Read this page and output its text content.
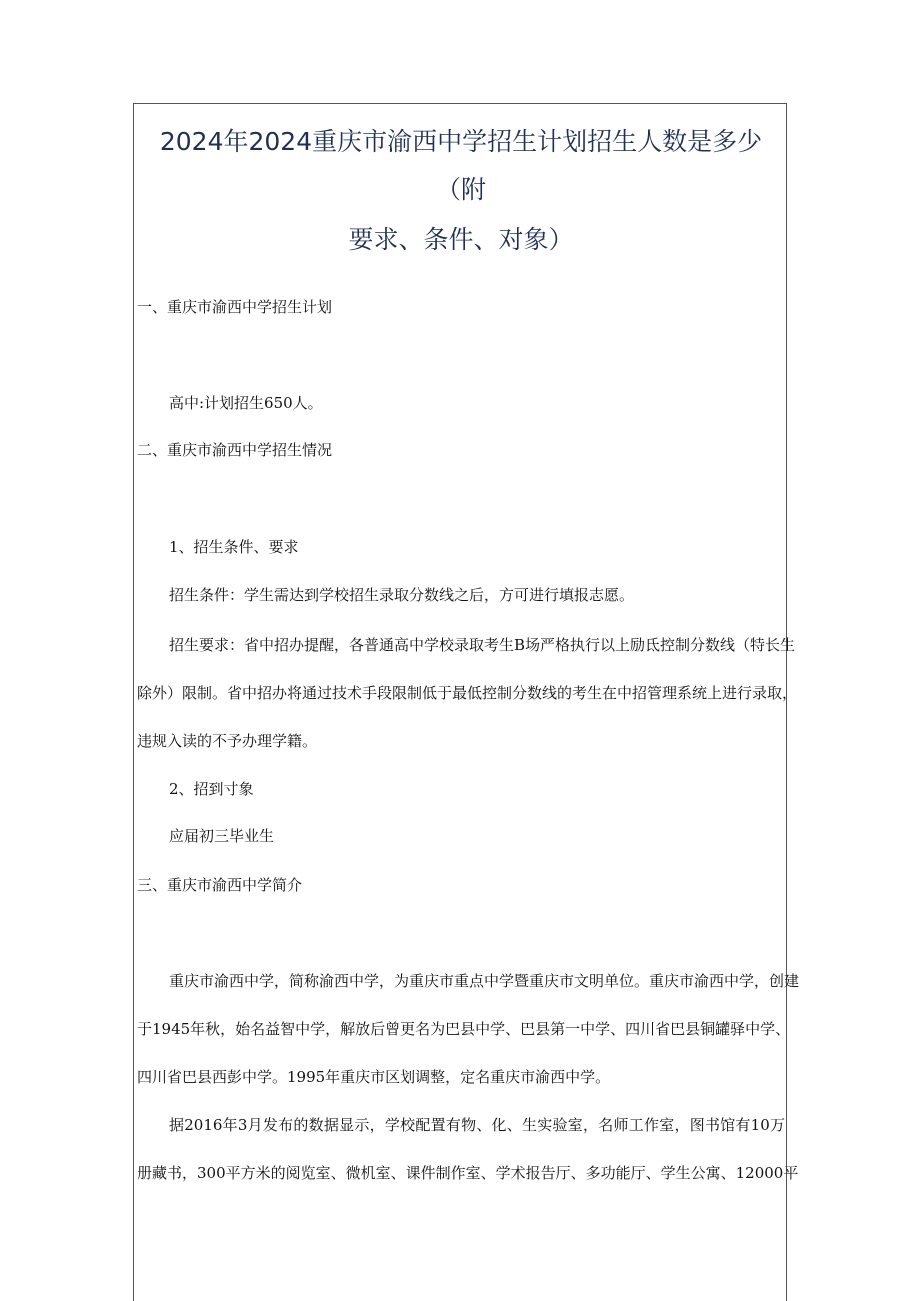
2024年2024重庆市渝西中学招生计划招生人数是多少
（附
要求、条件、对象）
一、重庆市渝西中学招生计划
高中:计划招生650人。
二、重庆市渝西中学招生情况
1、招生条件、要求
招生条件：学生需达到学校招生录取分数线之后，方可进行填报志愿。
招生要求：省中招办提醒，各普通高中学校录取考生B场严格执行以上励氐控制分数线（特长生
除外）限制。省中招办将通过技术手段限制低于最低控制分数线的考生在中招管理系统上进行录取，
违规入读的不予办理学籍。
2、招到寸象
应届初三毕业生
三、重庆市渝西中学简介
重庆市渝西中学，简称渝西中学，为重庆市重点中学暨重庆市文明单位。重庆市渝西中学，创建
于1945年秋，始名益智中学，解放后曾更名为巴县中学、巴县第一中学、四川省巴县铜罐驿中学、
四川省巴县西彭中学。1995年重庆市区划调整，定名重庆市渝西中学。
据2016年3月发布的数据显示，学校配置有物、化、生实验室，名师工作室，图书馆有10万
册藏书，300平方米的阅览室、微机室、课件制作室、学术报告厅、多功能厅、学生公寓、12000平
